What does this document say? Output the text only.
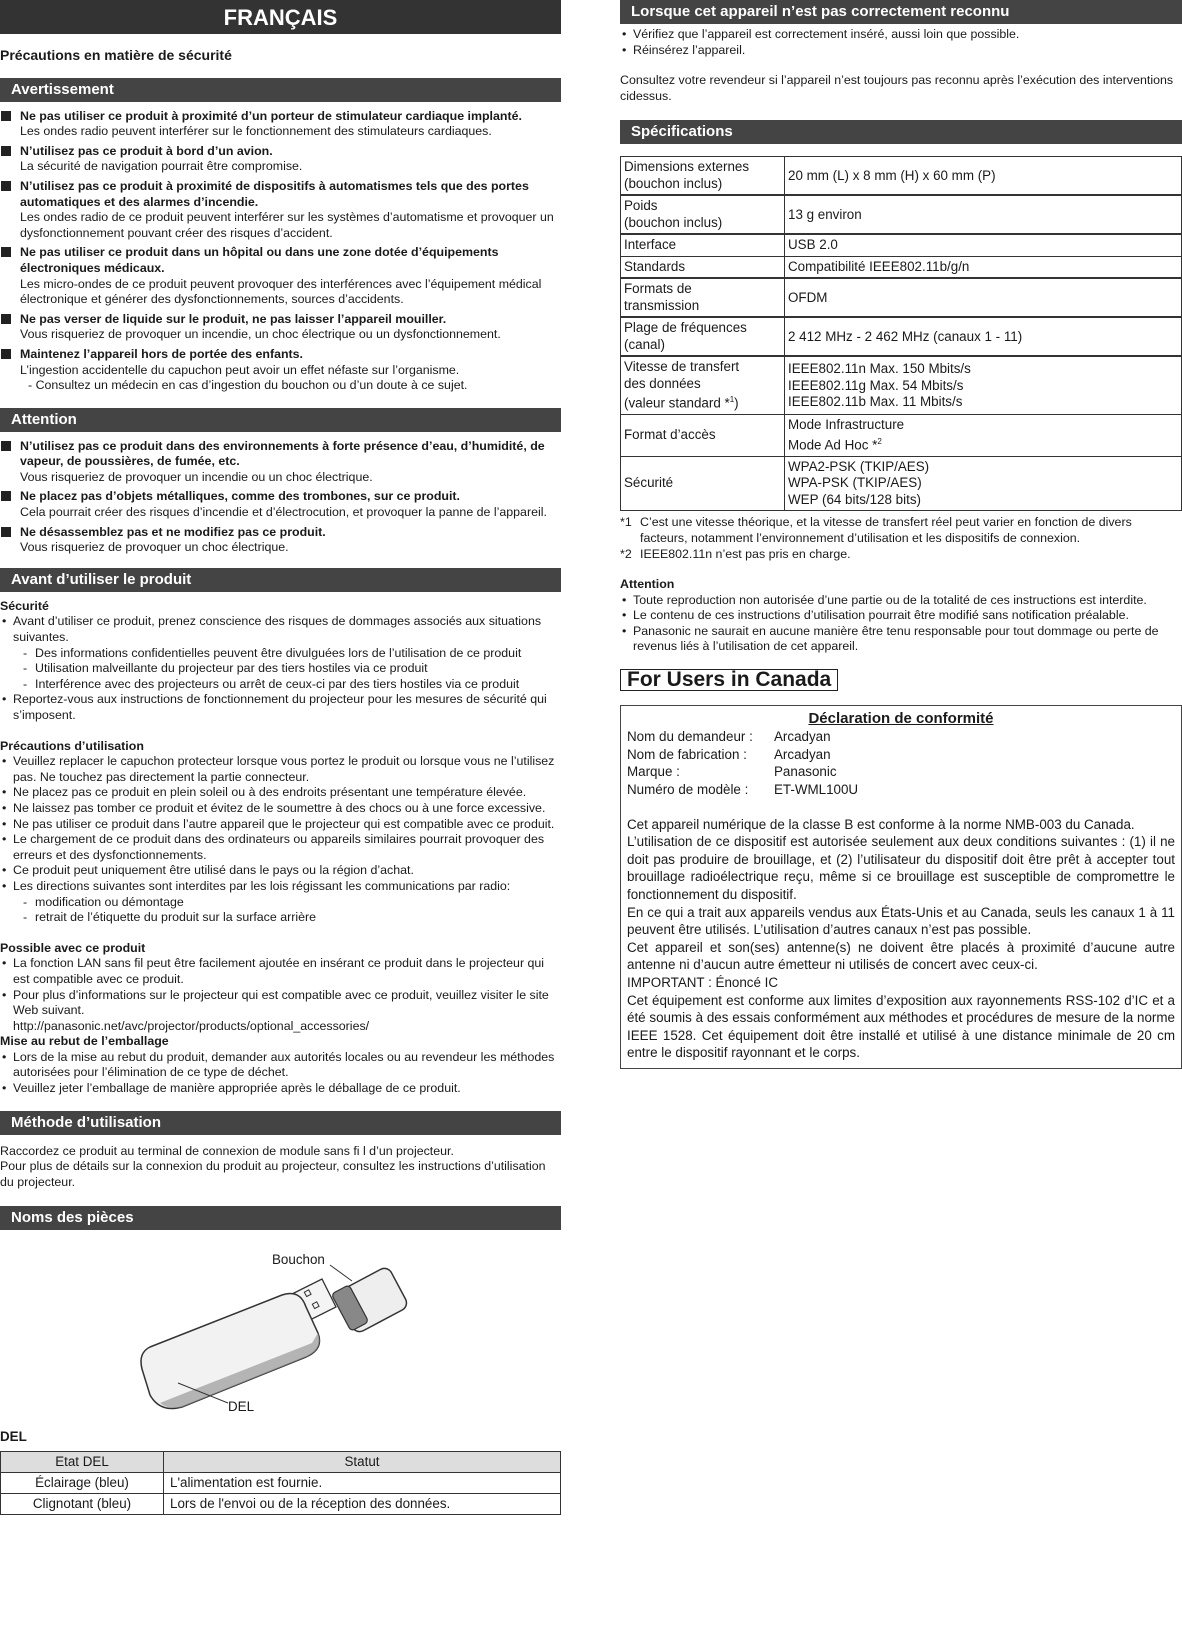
FRANÇAIS
Précautions en matière de sécurité
Avertissement
Ne pas utiliser ce produit à proximité d’un porteur de stimulateur cardiaque implanté.
Les ondes radio peuvent interférer sur le fonctionnement des stimulateurs cardiaques.
N’utilisez pas ce produit à bord d’un avion.
La sécurité de navigation pourrait être compromise.
N’utilisez pas ce produit à proximité de dispositifs à automatismes tels que des portes automatiques et des alarmes d’incendie.
Les ondes radio de ce produit peuvent interférer sur les systèmes d’automatisme et provoquer un dysfonctionnement pouvant créer des risques d’accident.
Ne pas utiliser ce produit dans un hôpital ou dans une zone dotée d’équipements électroniques médicaux.
Les micro-ondes de ce produit peuvent provoquer des interférences avec l’équipement médical électronique et générer des dysfonctionnements, sources d’accidents.
Ne pas verser de liquide sur le produit, ne pas laisser l’appareil mouiller.
Vous risqueriez de provoquer un incendie, un choc électrique ou un dysfonctionnement.
Maintenez l’appareil hors de portée des enfants.
L’ingestion accidentelle du capuchon peut avoir un effet néfaste sur l’organisme.
- Consultez un médecin en cas d’ingestion du bouchon ou d’un doute à ce sujet.
Attention
N’utilisez pas ce produit dans des environnements à forte présence d’eau, d’humidité, de vapeur, de poussières, de fumée, etc.
Vous risqueriez de provoquer un incendie ou un choc électrique.
Ne placez pas d’objets métalliques, comme des trombones, sur ce produit.
Cela pourrait créer des risques d’incendie et d’électrocution, et provoquer la panne de l’appareil.
Ne désassemblez pas et ne modifiez pas ce produit.
Vous risqueriez de provoquer un choc électrique.
Avant d’utiliser le produit
Sécurité
• Avant d’utiliser ce produit, prenez conscience des risques de dommages associés aux situations suivantes.
- Des informations confidentielles peuvent être divulguées lors de l’utilisation de ce produit
- Utilisation malveillante du projecteur par des tiers hostiles via ce produit
- Interférence avec des projecteurs ou arrêt de ceux-ci par des tiers hostiles via ce produit
• Reportez-vous aux instructions de fonctionnement du projecteur pour les mesures de sécurité qui s’imposent.
Précautions d’utilisation
• Veuillez replacer le capuchon protecteur lorsque vous portez le produit ou lorsque vous ne l’utilisez pas. Ne touchez pas directement la partie connecteur.
• Ne placez pas ce produit en plein soleil ou à des endroits présentant une température élevée.
• Ne laissez pas tomber ce produit et évitez de le soumettre à des chocs ou à une force excessive.
• Ne pas utiliser ce produit dans l’autre appareil que le projecteur qui est compatible avec ce produit.
• Le chargement de ce produit dans des ordinateurs ou appareils similaires pourrait provoquer des erreurs et des dysfonctionnements.
• Ce produit peut uniquement être utilisé dans le pays ou la région d’achat.
• Les directions suivantes sont interdites par les lois régissant les communications par radio:
- modification ou démontage
- retrait de l’étiquette du produit sur la surface arrière
Possible avec ce produit
• La fonction LAN sans fil peut être facilement ajoutée en insérant ce produit dans le projecteur qui est compatible avec ce produit.
• Pour plus d’informations sur le projecteur qui est compatible avec ce produit, veuillez visiter le site Web suivant.
http://panasonic.net/avc/projector/products/optional_accessories/
Mise au rebut de l’emballage
• Lors de la mise au rebut du produit, demander aux autorités locales ou au revendeur les méthodes autorisées pour l’élimination de ce type de déchet.
• Veuillez jeter l’emballage de manière appropriée après le déballage de ce produit.
Méthode d’utilisation
Raccordez ce produit au terminal de connexion de module sans fi l d’un projecteur.
Pour plus de détails sur la connexion du produit au projecteur, consultez les instructions d’utilisation du projecteur.
Noms des pièces
Bouchon
DEL
DEL
Etat DEL	Statut
Éclairage (bleu)	L'alimentation est fournie.
Clignotant (bleu)	Lors de l'envoi ou de la réception des données.
Lorsque cet appareil n’est pas correctement reconnu
• Vérifiez que l’appareil est correctement inséré, aussi loin que possible.
• Réinsérez l’appareil.
Consultez votre revendeur si l’appareil n’est toujours pas reconnu après l’exécution des interventions cidessus.
Spécifications
Dimensions externes
(bouchon inclus)	20 mm (L) x 8 mm (H) x 60 mm (P)
Poids
(bouchon inclus)	13 g environ
Interface	USB 2.0
Standards	Compatibilité IEEE802.11b/g/n
Formats de
transmission	OFDM
Plage de fréquences
(canal)	2 412 MHz - 2 462 MHz (canaux 1 - 11)
Vitesse de transfert
des données
(valeur standard *$^1$)	IEEE802.11n Max. 150 Mbits/s
IEEE802.11g Max. 54 Mbits/s
IEEE802.11b Max. 11 Mbits/s
Format d’accès	Mode Infrastructure
Mode Ad Hoc *$^2$
Sécurité	WPA2-PSK (TKIP/AES)
WPA-PSK (TKIP/AES)
WEP (64 bits/128 bits)
*1 C’est une vitesse théorique, et la vitesse de transfert réel peut varier en fonction de divers facteurs, notamment l’environnement d’utilisation et les dispositifs de connexion.
*2 IEEE802.11n n’est pas pris en charge.
Attention
• Toute reproduction non autorisée d’une partie ou de la totalité de ces instructions est interdite.
• Le contenu de ces instructions d’utilisation pourrait être modifié sans notification préalable.
• Panasonic ne saurait en aucune manière être tenu responsable pour tout dommage ou perte de revenus liés à l’utilisation de cet appareil.
For Users in Canada
Déclaration de conformité
Nom du demandeur :	Arcadyan
Nom de fabrication :	Arcadyan
Marque :	Panasonic
Numéro de modèle :	ET-WML100U
Cet appareil numérique de la classe B est conforme à la norme NMB-003 du Canada.
L’utilisation de ce dispositif est autorisée seulement aux deux conditions suivantes : (1) il ne doit pas produire de brouillage, et (2) l’utilisateur du dispositif doit être prêt à accepter tout brouillage radioélectrique reçu, même si ce brouillage est susceptible de compromettre le fonctionnement du dispositif.
En ce qui a trait aux appareils vendus aux États-Unis et au Canada, seuls les canaux 1 à 11 peuvent être utilisés. L’utilisation d’autres canaux n’est pas possible.
Cet appareil et son(ses) antenne(s) ne doivent être placés à proximité d’aucune autre antenne ni d’aucun autre émetteur ni utilisés de concert avec ceux-ci.
IMPORTANT : Énoncé IC
Cet équipement est conforme aux limites d’exposition aux rayonnements RSS-102 d’IC et a été soumis à des essais conformément aux méthodes et procédures de mesure de la norme IEEE 1528. Cet équipement doit être installé et utilisé à une distance minimale de 20 cm entre le dispositif rayonnant et le corps.
